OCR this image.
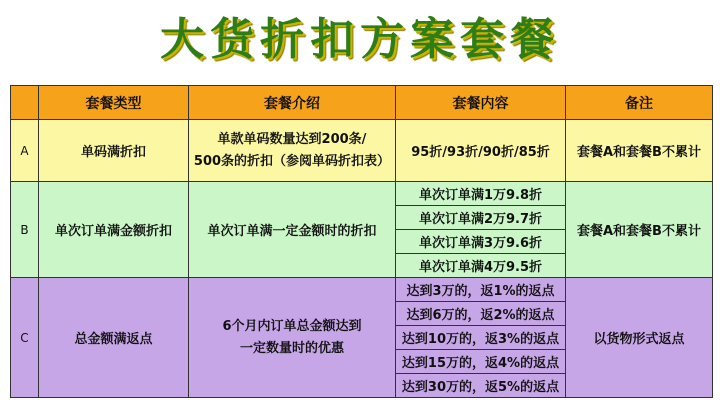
大货折扣方案套餐
	套餐类型	套餐介绍	套餐内容	备注
A	单码满折扣	单款单码数量达到200条/
500条的折扣（参阅单码折扣表）	95折/93折/90折/85折	套餐A和套餐B不累计
B	单次订单满金额折扣	单次订单满一定金额时的折扣	单次订单满1万9.8折	套餐A和套餐B不累计
			单次订单满2万9.7折	
			单次订单满3万9.6折	
			单次订单满4万9.5折	
C	总金额满返点	6个月内订单总金额达到
一定数量时的优惠	达到3万的，返1%的返点	以货物形式返点
			达到6万的，返2%的返点	
			达到10万的，返3%的返点	
			达到15万的，返4%的返点	
			达到30万的，返5%的返点	
